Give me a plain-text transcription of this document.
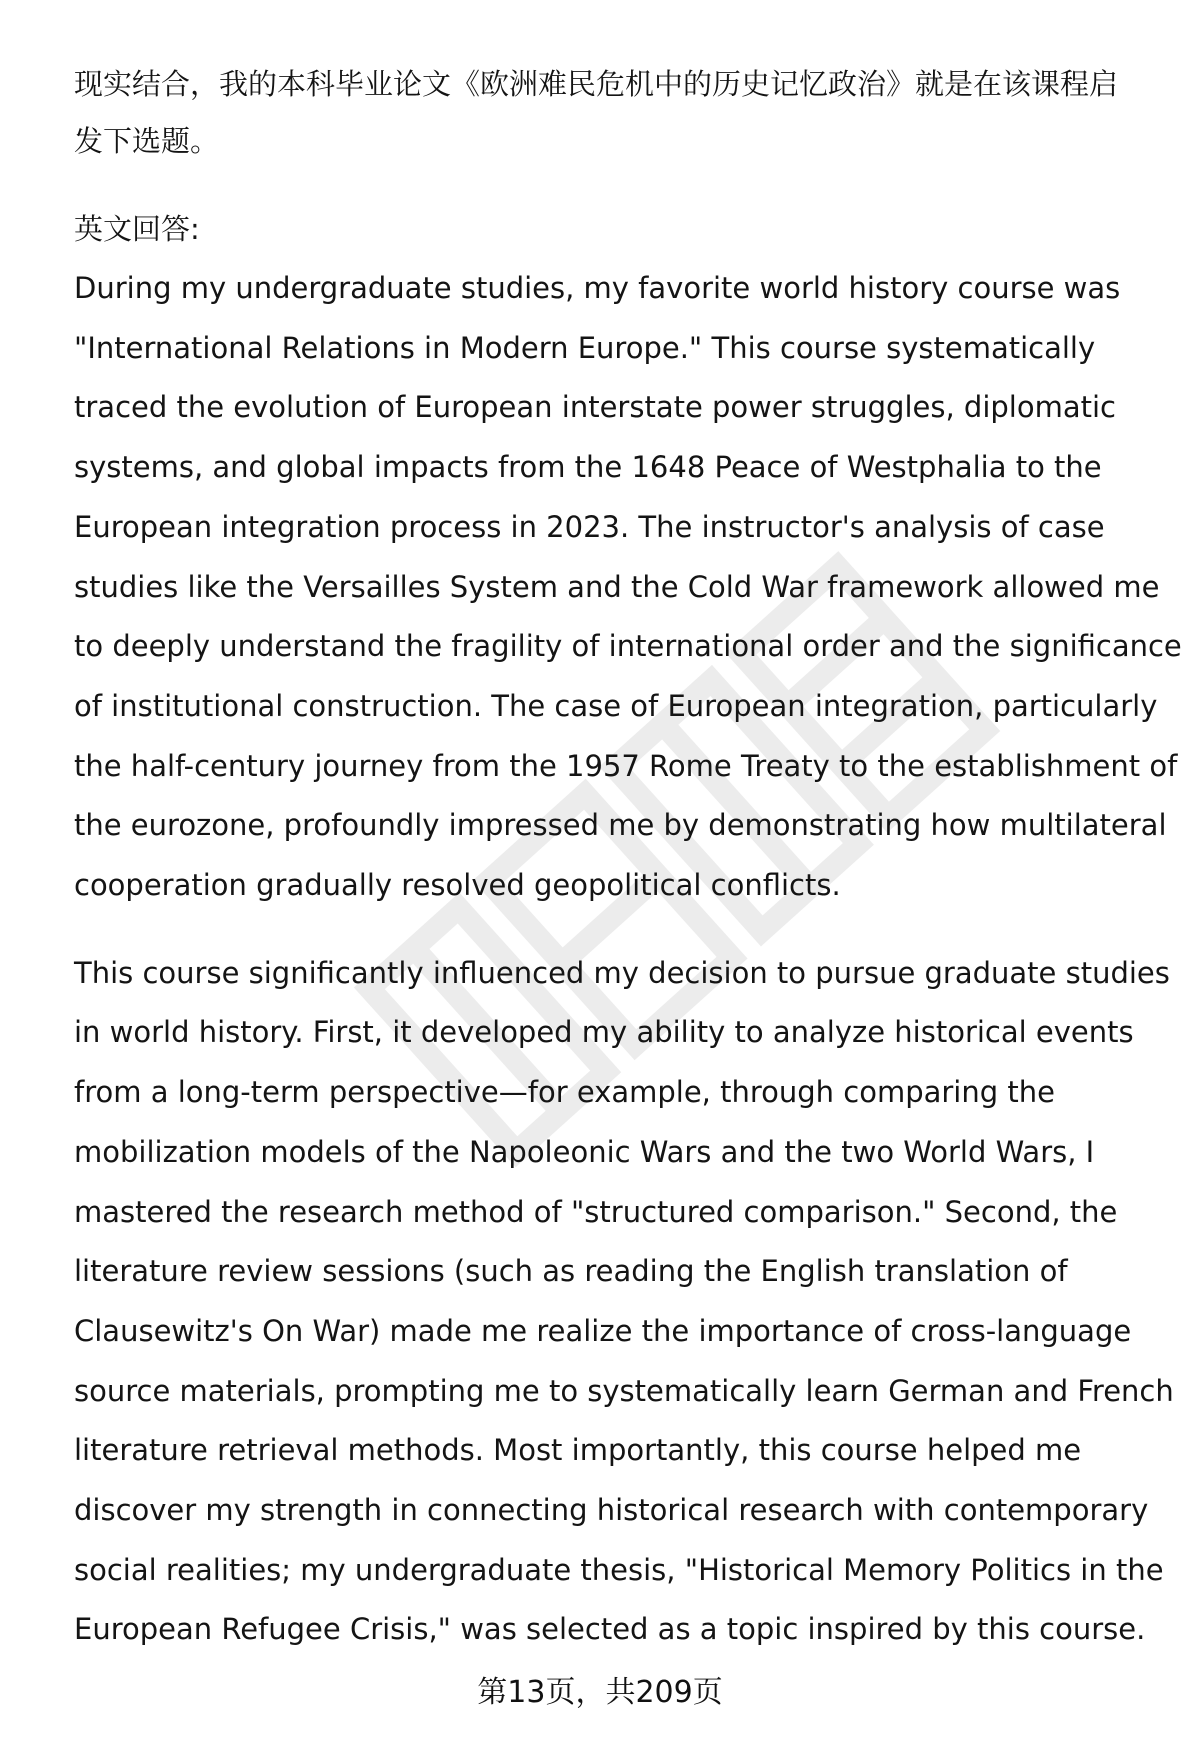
现实结合，我的本科毕业论文《欧洲难民危机中的历史记忆政治》就是在该课程启

发下选题。

英文回答:

During my undergraduate studies, my favorite world history course was

"International Relations in Modern Europe." This course systematically

traced the evolution of European interstate power struggles, diplomatic

systems, and global impacts from the 1648 Peace of Westphalia to the

European integration process in 2023. The instructor's analysis of case

studies like the Versailles System and the Cold War framework allowed me

to deeply understand the fragility of international order and the significance

of institutional construction. The case of European integration, particularly

the half-century journey from the 1957 Rome Treaty to the establishment of

the eurozone, profoundly impressed me by demonstrating how multilateral

cooperation gradually resolved geopolitical conflicts.

This course significantly influenced my decision to pursue graduate studies

in world history. First, it developed my ability to analyze historical events

from a long-term perspective—for example, through comparing the

mobilization models of the Napoleonic Wars and the two World Wars, I

mastered the research method of "structured comparison." Second, the

literature review sessions (such as reading the English translation of

Clausewitz's On War) made me realize the importance of cross-language

source materials, prompting me to systematically learn German and French

literature retrieval methods. Most importantly, this course helped me

discover my strength in connecting historical research with contemporary

social realities; my undergraduate thesis, "Historical Memory Politics in the

European Refugee Crisis," was selected as a topic inspired by this course.

第13页，共209页
